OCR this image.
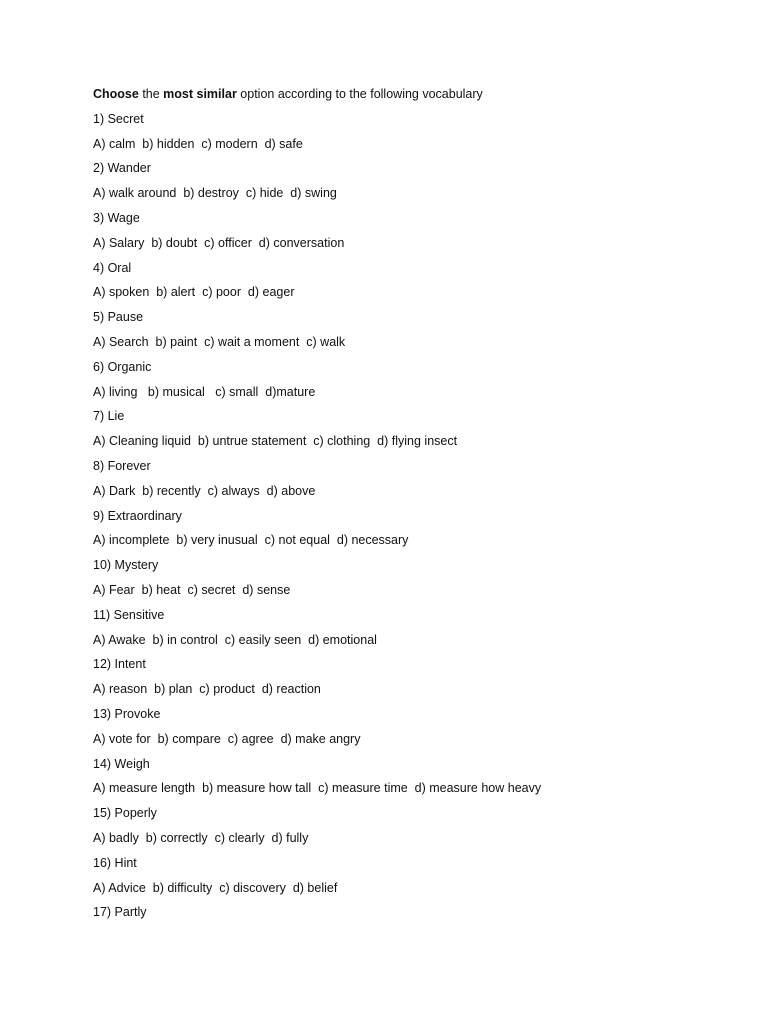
Choose the most similar option according to the following vocabulary
1) Secret
A) calm  b) hidden  c) modern  d) safe
2) Wander
A) walk around  b) destroy  c) hide  d) swing
3) Wage
A) Salary  b) doubt  c) officer  d) conversation
4) Oral
A) spoken  b) alert  c) poor  d) eager
5) Pause
A) Search  b) paint  c) wait a moment  c) walk
6) Organic
A) living   b) musical   c) small  d)mature
7) Lie
A) Cleaning liquid  b) untrue statement  c) clothing  d) flying insect
8) Forever
A) Dark  b) recently  c) always  d) above
9) Extraordinary
A) incomplete  b) very inusual  c) not equal  d) necessary
10) Mystery
A) Fear  b) heat  c) secret  d) sense
11) Sensitive
A) Awake  b) in control  c) easily seen  d) emotional
12) Intent
A) reason  b) plan  c) product  d) reaction
13) Provoke
A) vote for  b) compare  c) agree  d) make angry
14) Weigh
A) measure length  b) measure how tall  c) measure time  d) measure how heavy
15) Poperly
A) badly  b) correctly  c) clearly  d) fully
16) Hint
A) Advice  b) difficulty  c) discovery  d) belief
17) Partly
